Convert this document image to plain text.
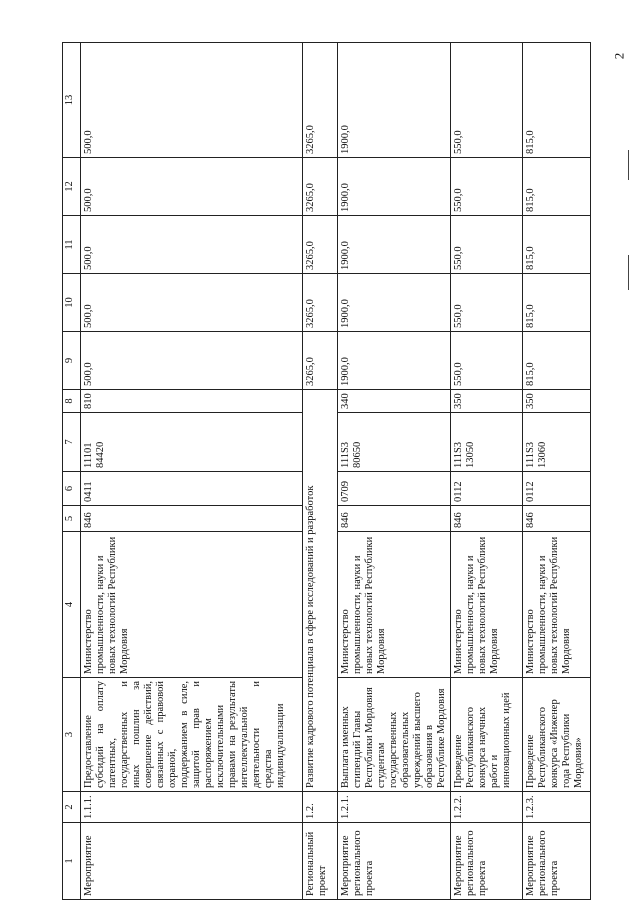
2
1	2	3	4	5	6	7	8	9	10	11	12	13
Мероприятие	1.1.1.	Предоставление субсидий на оплату патентных, государственных и иных пошлин за совершение действий, связанных с правовой охраной, поддержанием в силе, защитой прав и распоряжением исключительными правами на результаты интеллектуальной деятельности и средства индивидуализации	Министерство промышленности, науки и новых технологий Республики Мордовия	846	0411	11101 84420	810	500,0	500,0	500,0	500,0	500,0
Региональный проект	1.2.	Развитие кадрового потенциала в сфере исследований и разработок						3265,0	3265,0	3265,0	3265,0	3265,0
Мероприятие регионального проекта	1.2.1.	Выплата именных стипендий Главы Республики Мордовия студентам государственных образовательных учреждений высшего образования в Республике Мордовия	Министерство промышленности, науки и новых технологий Республики Мордовия	846	0709	111S3 80650	340	1900,0	1900,0	1900,0	1900,0	1900,0
Мероприятие регионального проекта	1.2.2.	Проведение Республиканского конкурса научных работ и инновационных идей	Министерство промышленности, науки и новых технологий Республики Мордовия	846	0112	111S3 13050	350	550,0	550,0	550,0	550,0	550,0
Мероприятие регионального проекта	1.2.3.	Проведение Республиканского конкурса «Инженер года Республики Мордовия»	Министерство промышленности, науки и новых технологий Республики Мордовия	846	0112	111S3 13060	350	815,0	815,0	815,0	815,0	815,0
